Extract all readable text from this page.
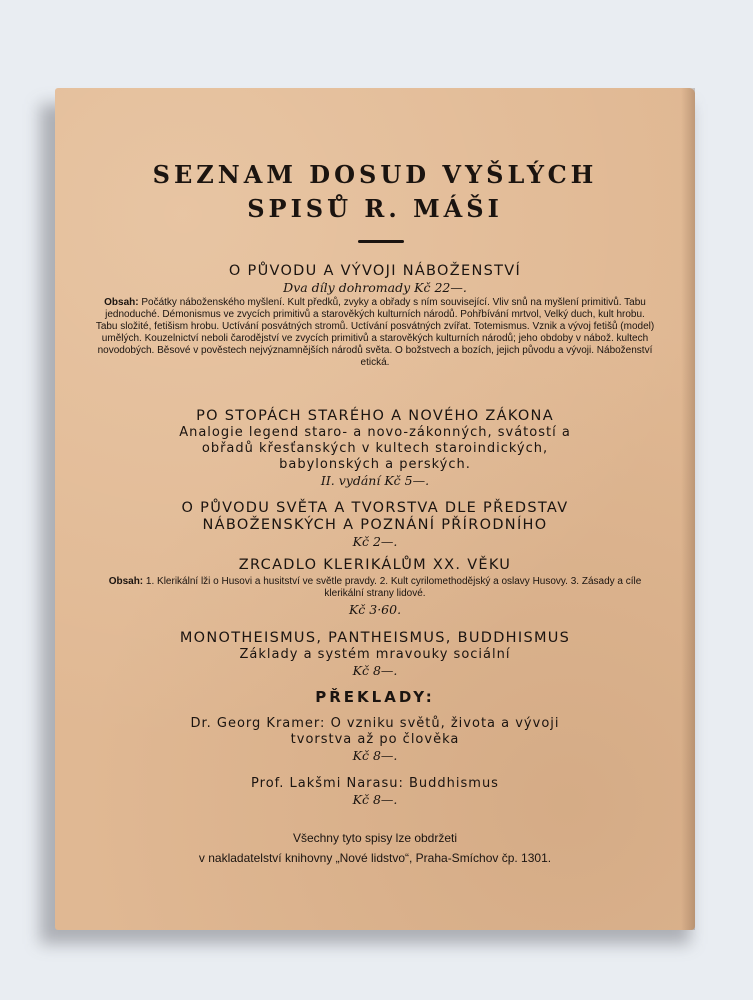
SEZNAM DOSUD VYŠLÝCH
SPISŮ R. MÁŠI
O PŮVODU A VÝVOJI NÁBOŽENSTVÍ
Dva díly dohromady Kč 22—.
Obsah: Počátky náboženského myšlení. Kult předků, zvyky a obřady s ním související. Vliv snů na myšlení primitivů. Tabu jednoduché. Démonismus ve zvycích primitivů a starověkých kulturních národů. Pohřbívání mrtvol, Velký duch, kult hrobu. Tabu složité, fetišism hrobu. Uctívání posvátných stromů. Uctívání posvátných zvířat. Totemismus. Vznik a vývoj fetišů (model) umělých. Kouzelnictví neboli čarodějství ve zvycích primitivů a starověkých kulturních národů; jeho obdoby v nábož. kultech novodobých. Běsové v pověstech nejvýznamnějších národů světa. O božstvech a bozích, jejich původu a vývoji. Náboženství etická.
PO STOPÁCH STARÉHO A NOVÉHO ZÁKONA
Analogie legend staro- a novo-zákonných, svátostí a
obřadů křesťanských v kultech staroindických,
babylonských a perských.
II. vydání Kč 5—.
O PŮVODU SVĚTA A TVORSTVA DLE PŘEDSTAV
NÁBOŽENSKÝCH A POZNÁNÍ PŘÍRODNÍHO
Kč 2—.
ZRCADLO KLERIKÁLŮM XX. VĚKU
Obsah: 1. Klerikální lži o Husovi a husitství ve světle pravdy. 2. Kult cyrilomethodějský a oslavy Husovy. 3. Zásady a cíle klerikální strany lidové.
Kč 3·60.
MONOTHEISMUS, PANTHEISMUS, BUDDHISMUS
Základy a systém mravouky sociální
Kč 8—.
PŘEKLADY:
Dr. Georg Kramer: O vzniku světů, života a vývoji
tvorstva až po člověka
Kč 8—.
Prof. Lakšmi Narasu: Buddhismus
Kč 8—.
Všechny tyto spisy lze obdržeti
v nakladatelství knihovny „Nové lidstvo“, Praha-Smíchov čp. 1301.
